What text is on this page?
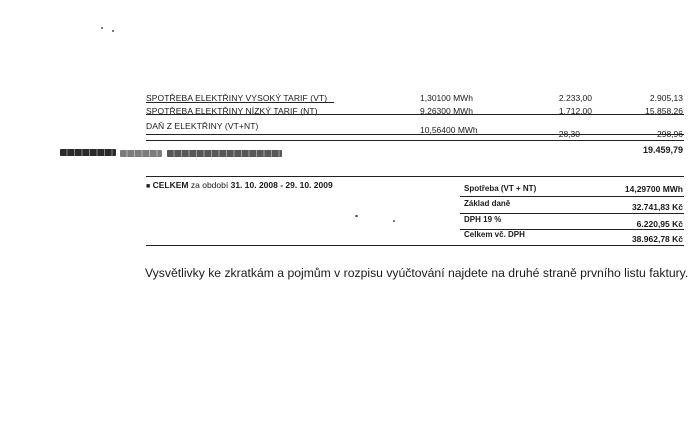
SPOTŘEBA ELEKTŘINY VYSOKÝ TARIF (VT)	1,30100 MWh	2.233,00	2.905,13
SPOTŘEBA ELEKTŘINY NÍZKÝ TARIF (NT)	9,26300 MWh	1.712,00	15.858,26
DAŇ Z ELEKTŘINY (VT+NT)	10,56400 MWh	28,30	298,96
19.459,79
■ CELKEM za období 31. 10. 2008 - 29. 10. 2009	Spotřeba (VT + NT)	14,29700 MWh
Základ daně	32.741,83 Kč
DPH 19 %	6.220,95 Kč
Celkem vč. DPH	38.962,78 Kč
Vysvětlivky ke zkratkám a pojmům v rozpisu vyúčtování najdete na druhé straně prvního listu faktury.
